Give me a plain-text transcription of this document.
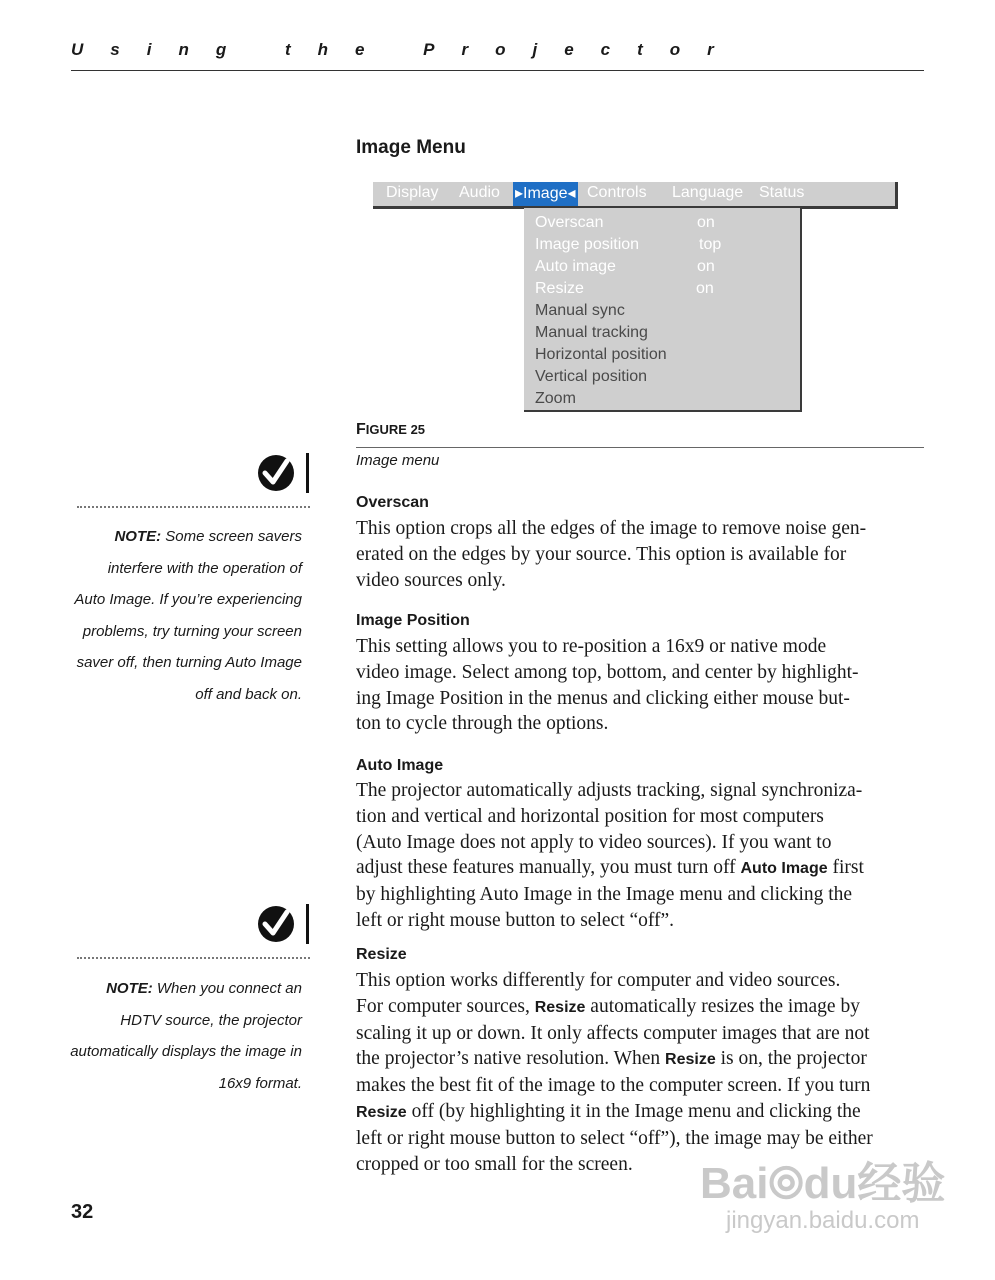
Using the Projector
Image Menu
Display Audio ▸Image◂ Controls Language Status
Overscan	on
Image position	top
Auto image	on
Resize	on
Manual sync
Manual tracking
Horizontal position
Vertical position
Zoom
FIGURE 25
Image menu
Overscan
This option crops all the edges of the image to remove noise gen-
erated on the edges by your source. This option is available for
video sources only.
Image Position
This setting allows you to re-position a 16x9 or native mode
video image. Select among top, bottom, and center by highlight-
ing Image Position in the menus and clicking either mouse but-
ton to cycle through the options.
Auto Image
The projector automatically adjusts tracking, signal synchroniza-
tion and vertical and horizontal position for most computers
(Auto Image does not apply to video sources). If you want to
adjust these features manually, you must turn off Auto Image first
by highlighting Auto Image in the Image menu and clicking the
left or right mouse button to select “off”.
Resize
This option works differently for computer and video sources.
For computer sources, Resize automatically resizes the image by
scaling it up or down. It only affects computer images that are not
the projector’s native resolution. When Resize is on, the projector
makes the best fit of the image to the computer screen. If you turn
Resize off (by highlighting it in the Image menu and clicking the
left or right mouse button to select “off”), the image may be either
cropped or too small for the screen.
NOTE: Some screen savers
interfere with the operation of
Auto Image. If you’re experiencing
problems, try turning your screen
saver off, then turning Auto Image
off and back on.
NOTE: When you connect an
HDTV source, the projector
automatically displays the image in
16x9 format.
32
Bai⦾du经验
jingyan.baidu.com
